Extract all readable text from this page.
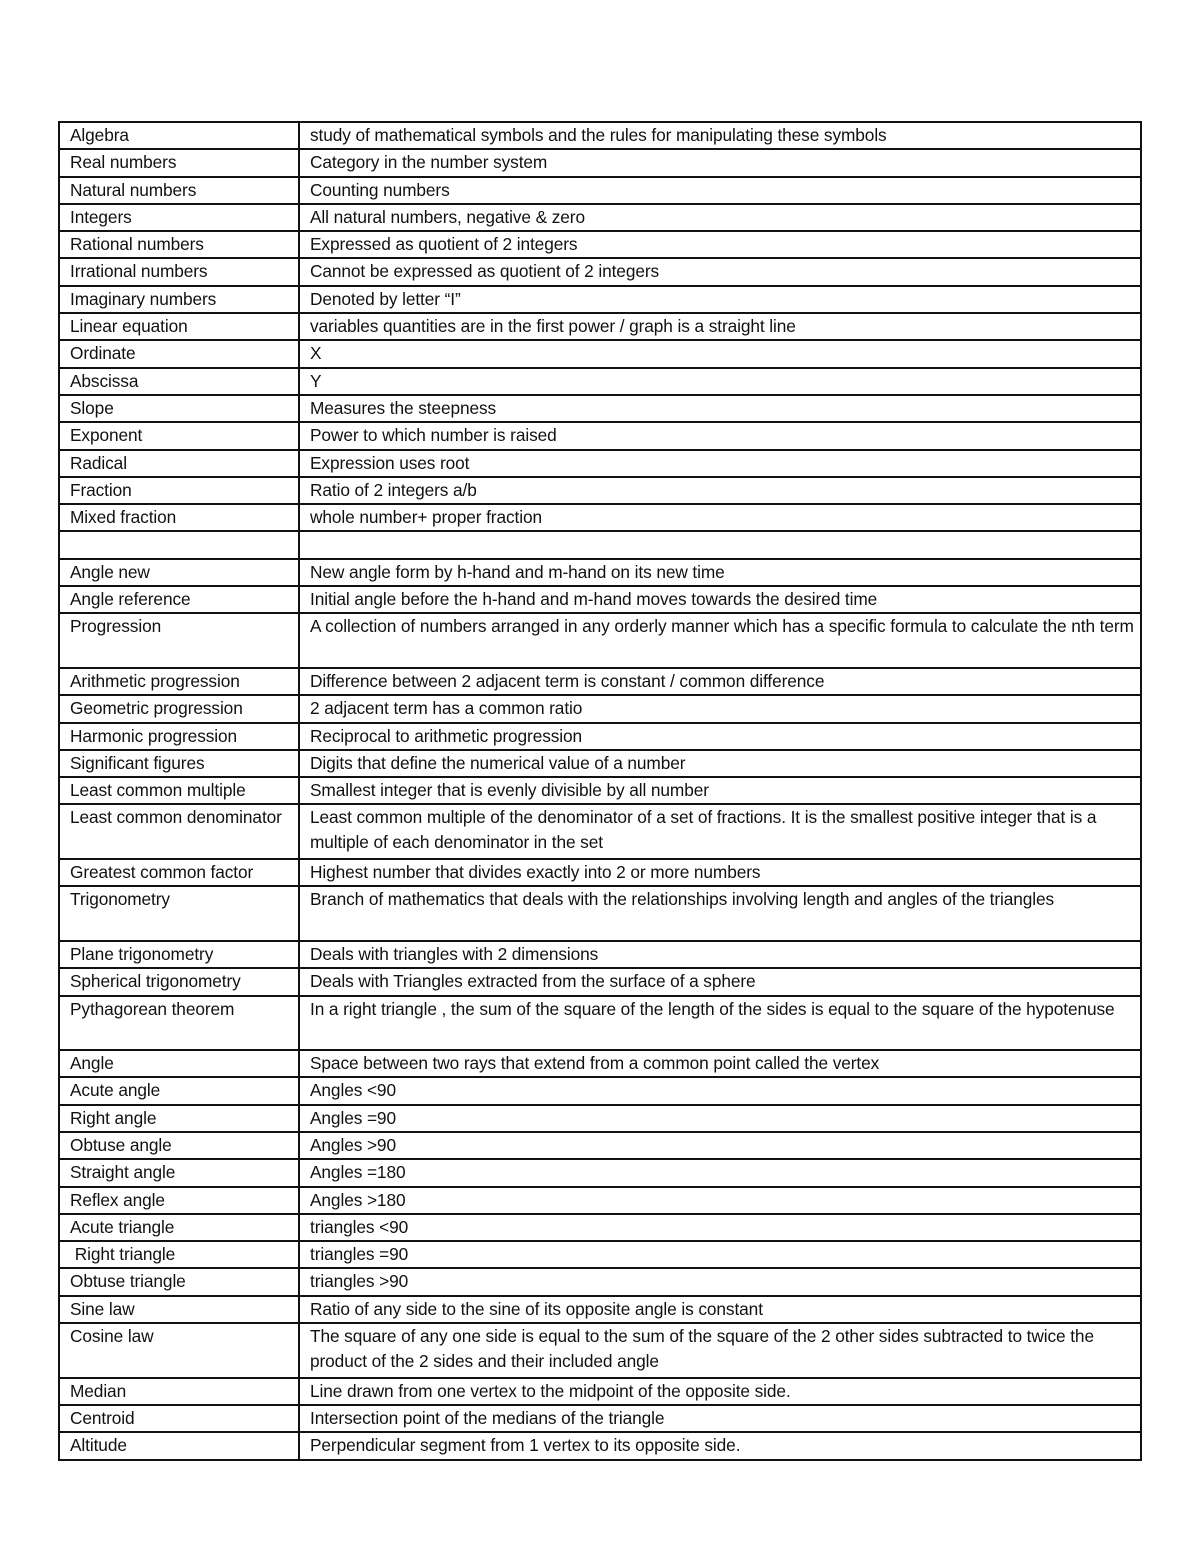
Algebra	study of mathematical symbols and the rules for manipulating these symbols
Real numbers	Category in the number system
Natural numbers	Counting numbers
Integers	All natural numbers, negative & zero
Rational numbers	Expressed as quotient of 2 integers
Irrational numbers	Cannot be expressed as quotient of 2 integers
Imaginary numbers	Denoted by letter “I”
Linear equation	variables quantities are in the first power / graph is a straight line
Ordinate	X
Abscissa	Y
Slope	Measures the steepness
Exponent	Power to which number is raised
Radical	Expression uses root
Fraction	Ratio of 2 integers a/b
Mixed fraction	whole number+ proper fraction

Angle new	New angle form by h-hand and m-hand on its new time
Angle reference	Initial angle before the h-hand and m-hand moves towards the desired time
Progression	A collection of numbers arranged in any orderly manner which has a specific formula to calculate the nth term
Arithmetic progression	Difference between 2 adjacent term is constant / common difference
Geometric progression	2 adjacent term has a common ratio
Harmonic progression	Reciprocal to arithmetic progression
Significant figures	Digits that define the numerical value of a number
Least common multiple	Smallest integer that is evenly divisible by all number
Least common denominator	Least common multiple of the denominator of a set of fractions. It is the smallest positive integer that is a multiple of each denominator in the set
Greatest common factor	Highest number that divides exactly into 2 or more numbers
Trigonometry	Branch of mathematics that deals with the relationships involving length and angles of the triangles
Plane trigonometry	Deals with triangles with 2 dimensions
Spherical trigonometry	Deals with Triangles extracted from the surface of a sphere
Pythagorean theorem	In a right triangle , the sum of the square of the length of the sides is equal to the square of the hypotenuse
Angle	Space between two rays that extend from a common point called the vertex
Acute angle	Angles <90
Right angle	Angles =90
Obtuse angle	Angles >90
Straight angle	Angles =180
Reflex angle	Angles >180
Acute triangle	triangles <90
Right triangle	triangles =90
Obtuse triangle	triangles >90
Sine law	Ratio of any side to the sine of its opposite angle is constant
Cosine law	The square of any one side is equal to the sum of the square of the 2 other sides subtracted to twice the product of the 2 sides and their included angle
Median	Line drawn from one vertex to the midpoint of the opposite side.
Centroid	Intersection point of the medians of the triangle
Altitude	Perpendicular segment from 1 vertex to its opposite side.
